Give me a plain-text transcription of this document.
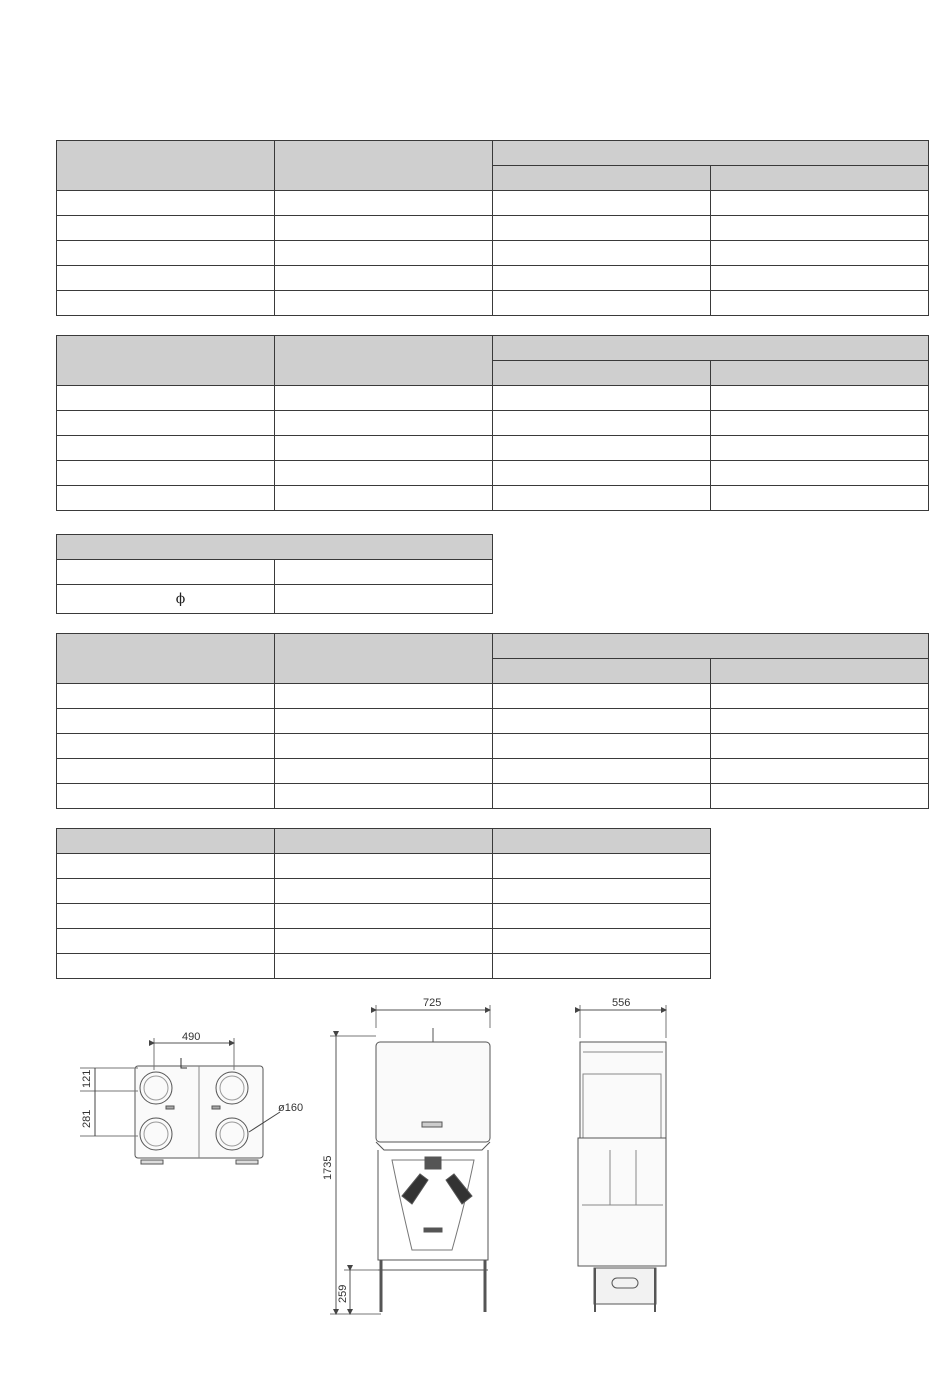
ϕ	

490
121
281
ø160
725
1735
259
556
